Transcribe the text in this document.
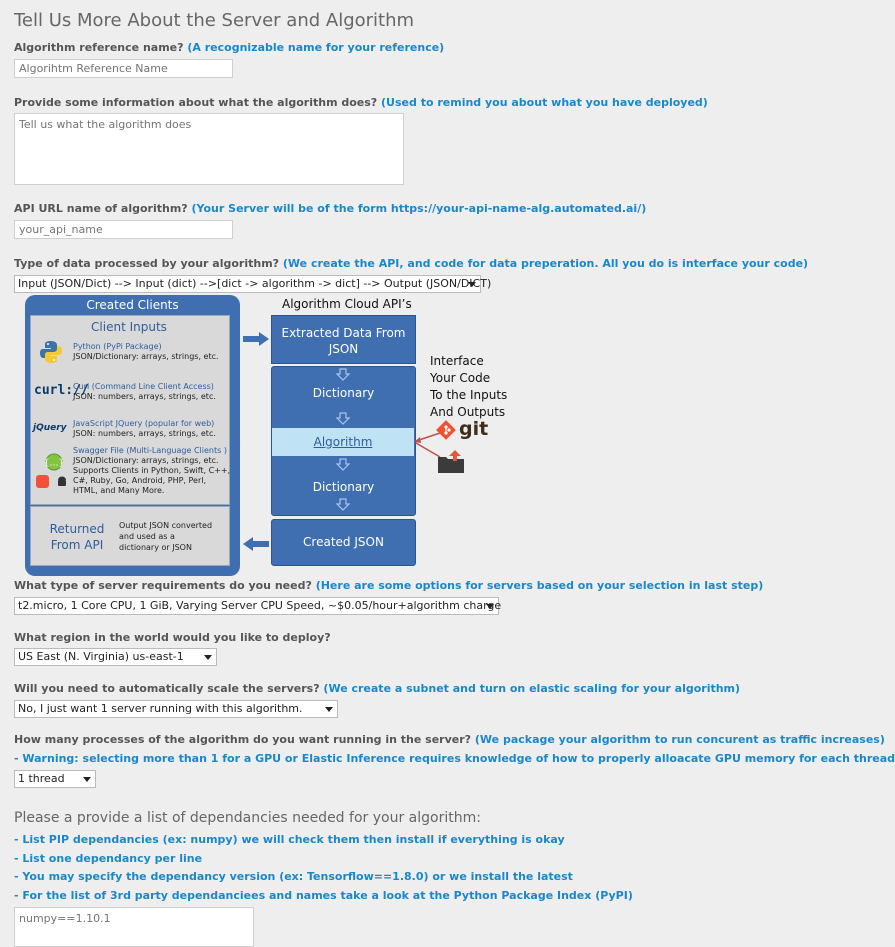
Tell Us More About the Server and Algorithm
Algorithm reference name? (A recognizable name for your reference)
Algorihtm Reference Name
Provide some information about what the algorithm does? (Used to remind you about what you have deployed)
Tell us what the algorithm does
API URL name of algorithm? (Your Server will be of the form https://your-api-name-alg.automated.ai/)
your_api_name
Type of data processed by your algorithm? (We create the API, and code for data preperation. All you do is interface your code)
Input (JSON/Dict) --> Input (dict) -->[dict -> algorithm -> dict] --> Output (JSON/DICT)
Created Clients
Client Inputs
Python (PyPi Package)
JSON/Dictionary: arrays, strings, etc.
curl://
Curl (Command Line Client Access)
JSON: numbers, arrays, strings, etc.
jQuery JavaScript JQuery (popular for web)
JSON: numbers, arrays, strings, etc.
{…}
Swagger File (Multi-Language Clients )
JSON/Dictionary: arrays, strings, etc.
Supports Clients in Python, Swift, C++,
C#, Ruby, Go, Android, PHP, Perl,
HTML, and Many More.
Returned
From API
Output JSON converted
and used as a
dictionary or JSON
Algorithm Cloud API’s
Extracted Data From
JSON
Dictionary
Algorithm
Dictionary
Created JSON
Interface
Your Code
To the Inputs
And Outputs
git
What type of server requirements do you need? (Here are some options for servers based on your selection in last step)
t2.micro, 1 Core CPU, 1 GiB, Varying Server CPU Speed, ~$0.05/hour+algorithm charge
What region in the world would you like to deploy?
US East (N. Virginia) us-east-1
Will you need to automatically scale the servers? (We create a subnet and turn on elastic scaling for your algorithm)
No, I just want 1 server running with this algorithm.
How many processes of the algorithm do you want running in the server? (We package your algorithm to run concurent as traffic increases)
- Warning: selecting more than 1 for a GPU or Elastic Inference requires knowledge of how to properly alloacate GPU memory for each thread
1 thread
Please a provide a list of dependancies needed for your algorithm:
- List PIP dependancies (ex: numpy) we will check them then install if everything is okay
- List one dependancy per line
- You may specify the dependancy version (ex: Tensorflow==1.8.0) or we install the latest
- For the list of 3rd party dependanciees and names take a look at the Python Package Index (PyPI)
numpy==1.10.1
